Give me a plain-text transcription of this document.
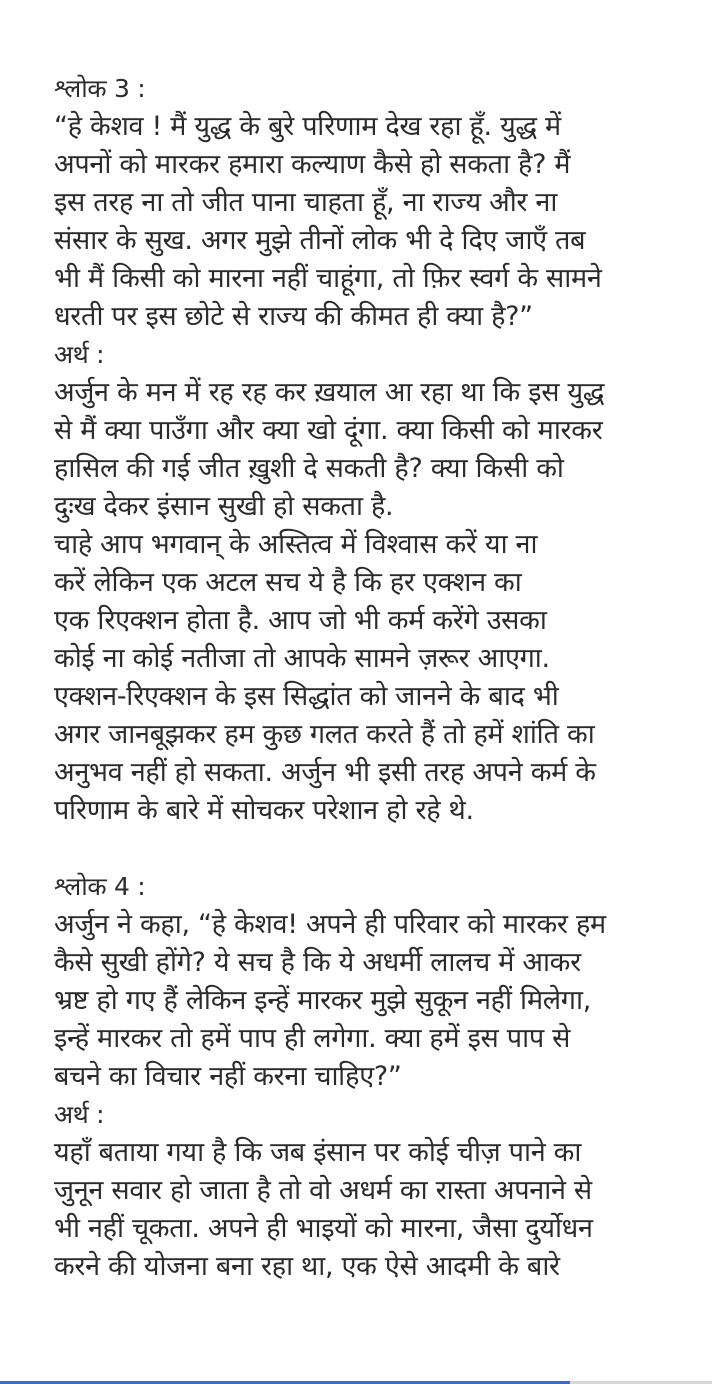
श्लोक 3 :
“हे केशव ! मैं युद्ध के बुरे परिणाम देख रहा हूँ. युद्ध में
अपनों को मारकर हमारा कल्याण कैसे हो सकता है? मैं
इस तरह ना तो जीत पाना चाहता हूँ, ना राज्य और ना
संसार के सुख. अगर मुझे तीनों लोक भी दे दिए जाएँ तब
भी मैं किसी को मारना नहीं चाहूंगा, तो फ़िर स्वर्ग के सामने
धरती पर इस छोटे से राज्य की कीमत ही क्या है?”
अर्थ :
अर्जुन के मन में रह रह कर ख़याल आ रहा था कि इस युद्ध
से मैं क्या पाउँगा और क्या खो दूंगा. क्या किसी को मारकर
हासिल की गई जीत ख़ुशी दे सकती है? क्या किसी को
दुःख देकर इंसान सुखी हो सकता है.
चाहे आप भगवान् के अस्तित्व में विश्वास करें या ना
करें लेकिन एक अटल सच ये है कि हर एक्शन का
एक रिएक्शन होता है. आप जो भी कर्म करेंगे उसका
कोई ना कोई नतीजा तो आपके सामने ज़रूर आएगा.
एक्शन-रिएक्शन के इस सिद्धांत को जानने के बाद भी
अगर जानबूझकर हम कुछ गलत करते हैं तो हमें शांति का
अनुभव नहीं हो सकता. अर्जुन भी इसी तरह अपने कर्म के
परिणाम के बारे में सोचकर परेशान हो रहे थे.
श्लोक 4 :
अर्जुन ने कहा, “हे केशव! अपने ही परिवार को मारकर हम
कैसे सुखी होंगे? ये सच है कि ये अधर्मी लालच में आकर
भ्रष्ट हो गए हैं लेकिन इन्हें मारकर मुझे सुकून नहीं मिलेगा,
इन्हें मारकर तो हमें पाप ही लगेगा. क्या हमें इस पाप से
बचने का विचार नहीं करना चाहिए?”
अर्थ :
यहाँ बताया गया है कि जब इंसान पर कोई चीज़ पाने का
जुनून सवार हो जाता है तो वो अधर्म का रास्ता अपनाने से
भी नहीं चूकता. अपने ही भाइयों को मारना, जैसा दुर्योधन
करने की योजना बना रहा था, एक ऐसे आदमी के बारे
